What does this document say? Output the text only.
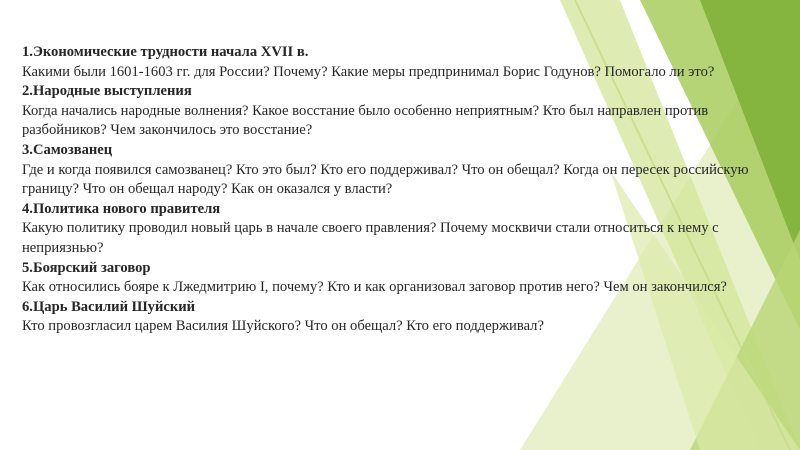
1.Экономические трудности начала XVII в.
Какими были 1601-1603 гг. для России? Почему? Какие меры предпринимал Борис Годунов? Помогало ли это?
2.Народные выступления
Когда начались народные волнения? Какое восстание было особенно неприятным? Кто был направлен против разбойников? Чем закончилось это восстание?
3.Самозванец
Где и когда появился самозванец? Кто это был? Кто его поддерживал? Что он обещал? Когда он пересек российскую границу? Что он обещал народу? Как он оказался у власти?
4.Политика нового правителя
Какую политику проводил новый царь в начале своего правления? Почему москвичи стали относиться к нему с неприязнью?
5.Боярский заговор
Как относились бояре к Лжедмитрию I, почему? Кто и как организовал заговор против него? Чем он закончился?
6.Царь Василий Шуйский
Кто провозгласил царем Василия Шуйского? Что он обещал? Кто его поддерживал?
